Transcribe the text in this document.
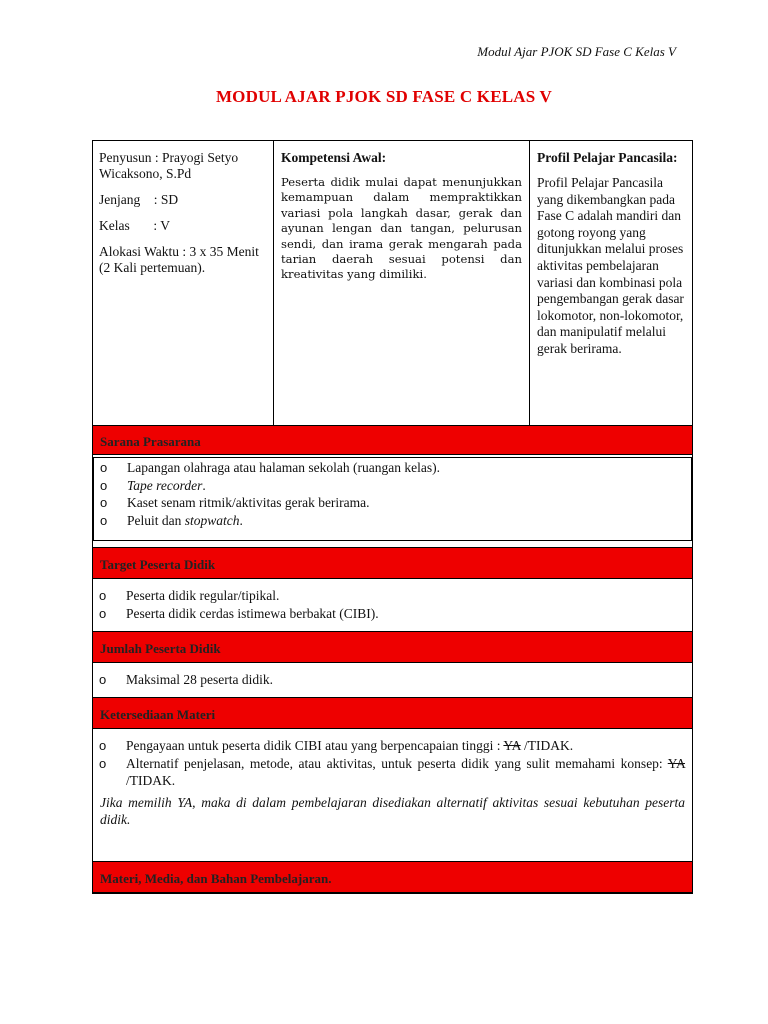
Modul Ajar PJOK SD Fase C Kelas V
MODUL AJAR PJOK SD FASE C KELAS V

Penyusun : Prayogi Setyo Wicaksono, S.Pd

Jenjang    : SD

Kelas       : V

Alokasi Waktu : 3 x 35 Menit (2 Kali pertemuan).

Kompetensi Awal:

Peserta didik mulai dapat menunjukkan kemampuan dalam mempraktikkan variasi pola langkah dasar, gerak dan ayunan lengan dan tangan, pelurusan sendi, dan irama gerak mengarah pada tarian daerah sesuai potensi dan kreativitas yang dimiliki.

Profil Pelajar Pancasila:

Profil Pelajar Pancasila yang dikembangkan pada Fase C adalah mandiri dan gotong royong yang ditunjukkan melalui proses aktivitas pembelajaran variasi dan kombinasi pola pengembangan gerak dasar lokomotor, non-lokomotor, dan manipulatif melalui gerak berirama.

Sarana Prasarana
o Lapangan olahraga atau halaman sekolah (ruangan kelas).
o Tape recorder.
o Kaset senam ritmik/aktivitas gerak berirama.
o Peluit dan stopwatch.
Target Peserta Didik
o Peserta didik regular/tipikal.
o Peserta didik cerdas istimewa berbakat (CIBI).
Jumlah Peserta Didik
o Maksimal 28 peserta didik.
Ketersediaan Materi
o Pengayaan untuk peserta didik CIBI atau yang berpencapaian tinggi : YA /TIDAK.
o Alternatif penjelasan, metode, atau aktivitas, untuk peserta didik yang sulit memahami konsep: YA /TIDAK.
Jika memilih YA, maka di dalam pembelajaran disediakan alternatif aktivitas sesuai kebutuhan peserta didik.
Materi, Media, dan Bahan Pembelajaran.
